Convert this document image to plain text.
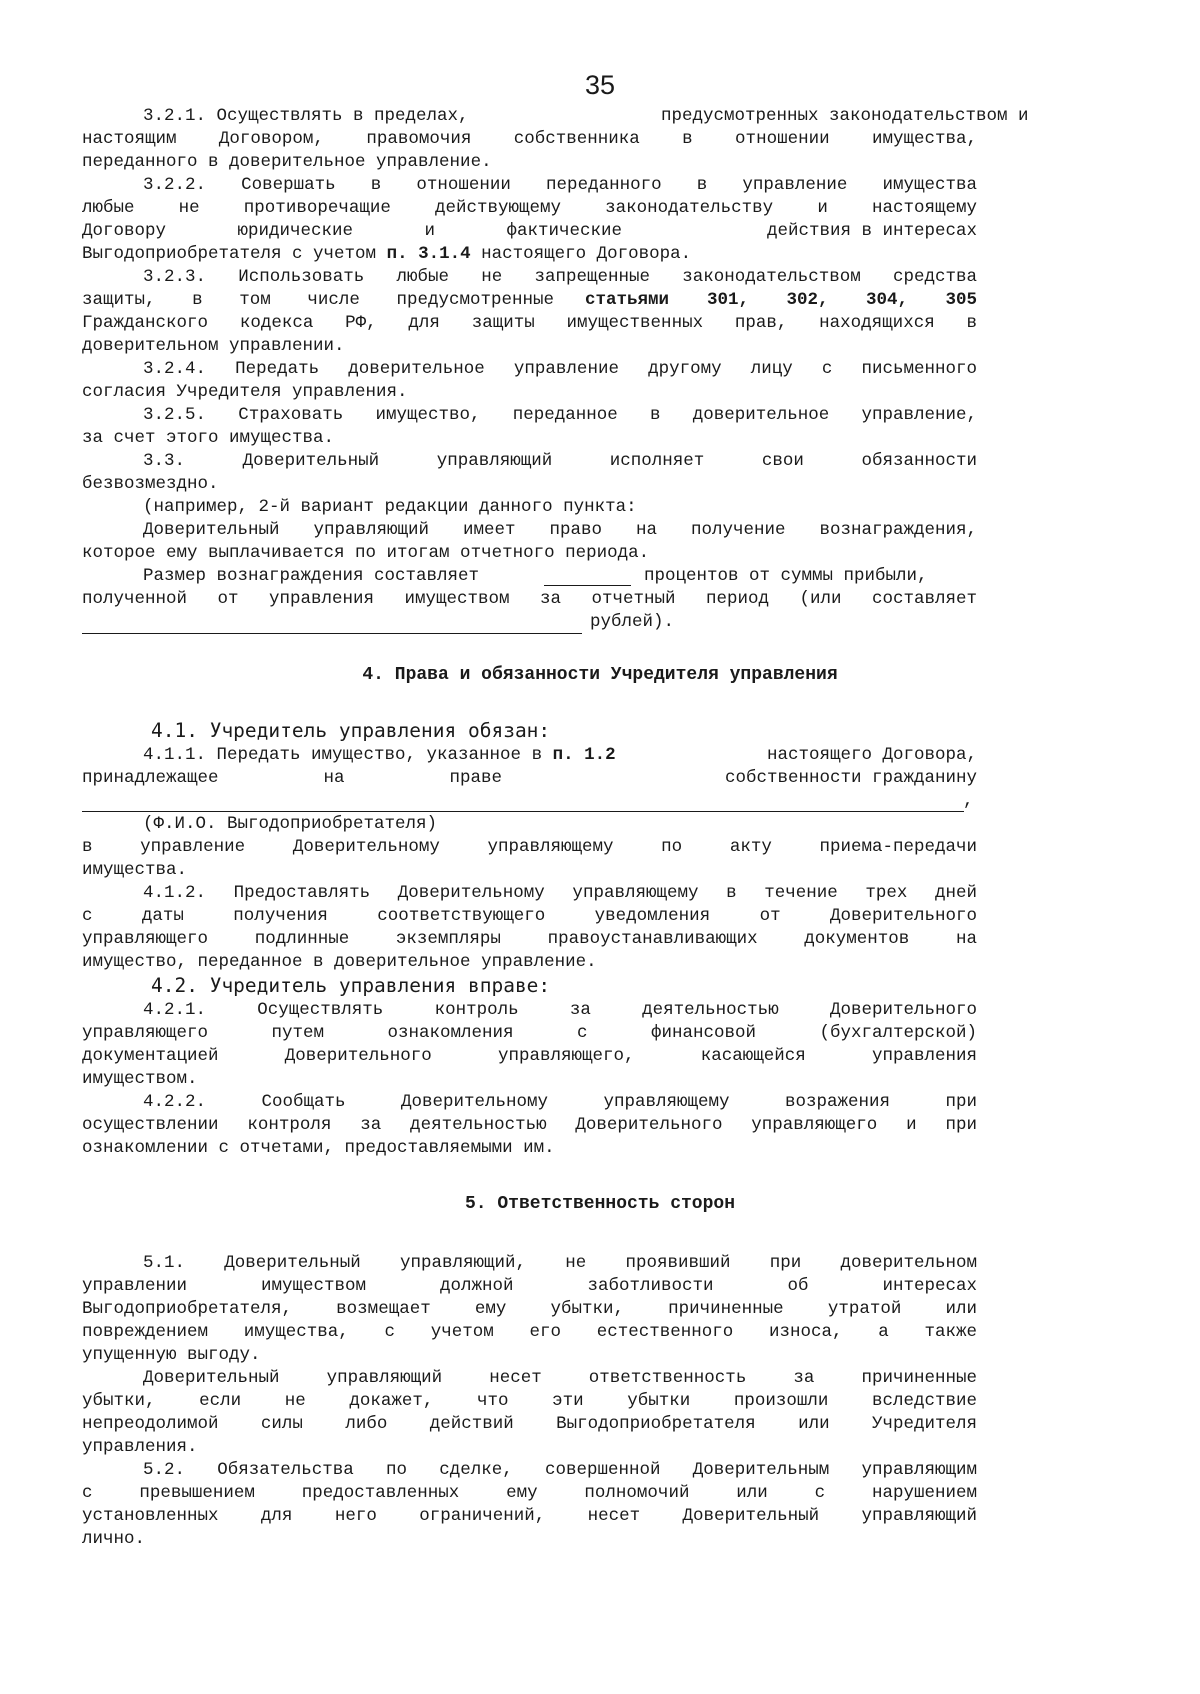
35
3.2.1. Осуществлять в пределах,	предусмотренных законодательством и
настоящим Договором, правомочия собственника в отношении имущества,
переданного в доверительное управление.
3.2.2. Совершать в отношении переданного в управление имущества
любые не противоречащие действующему законодательству и настоящему
Договору юридические и фактические	действия в интересах
Выгодоприобретателя с учетом п. 3.1.4 настоящего Договора.
3.2.3. Использовать любые не запрещенные законодательством средства
защиты, в том числе предусмотренные статьями 301, 302, 304, 305
Гражданского кодекса РФ, для защиты имущественных прав, находящихся в
доверительном управлении.
3.2.4. Передать доверительное управление другому лицу с письменного
согласия Учредителя управления.
3.2.5. Страховать имущество, переданное в доверительное управление,
за счет этого имущества.
3.3. Доверительный управляющий исполняет свои обязанности
безвозмездно.
(например, 2-й вариант редакции данного пункта:
Доверительный управляющий имеет право на получение вознаграждения,
которое ему выплачивается по итогам отчетного периода.
Размер вознаграждения составляет	процентов от суммы прибыли,
полученной от управления имуществом за отчетный период (или составляет
рублей).
4. Права и обязанности Учредителя управления
4.1. Учредитель управления обязан:
4.1.1. Передать имущество, указанное в п. 1.2	настоящего Договора,
принадлежащее на праве	собственности гражданину
,
(Ф.И.О. Выгодоприобретателя)
в управление Доверительному управляющему по акту приема-передачи
имущества.
4.1.2. Предоставлять Доверительному управляющему в течение трех дней
с даты получения соответствующего уведомления от Доверительного
управляющего подлинные экземпляры правоустанавливающих документов на
имущество, переданное в доверительное управление.
4.2. Учредитель управления вправе:
4.2.1. Осуществлять контроль за деятельностью Доверительного
управляющего путем ознакомления с финансовой (бухгалтерской)
документацией Доверительного управляющего, касающейся управления
имуществом.
4.2.2. Сообщать Доверительному управляющему возражения при
осуществлении контроля за деятельностью Доверительного управляющего и при
ознакомлении с отчетами, предоставляемыми им.
5. Ответственность сторон
5.1. Доверительный управляющий, не проявивший при доверительном
управлении имуществом должной заботливости об интересах
Выгодоприобретателя, возмещает ему убытки, причиненные утратой или
повреждением имущества, с учетом его естественного износа, а также
упущенную выгоду.
Доверительный управляющий несет ответственность за причиненные
убытки, если не докажет, что эти убытки произошли вследствие
непреодолимой силы либо действий Выгодоприобретателя или Учредителя
управления.
5.2. Обязательства по сделке, совершенной Доверительным управляющим
с превышением предоставленных ему полномочий или с нарушением
установленных для него ограничений, несет Доверительный управляющий
лично.
